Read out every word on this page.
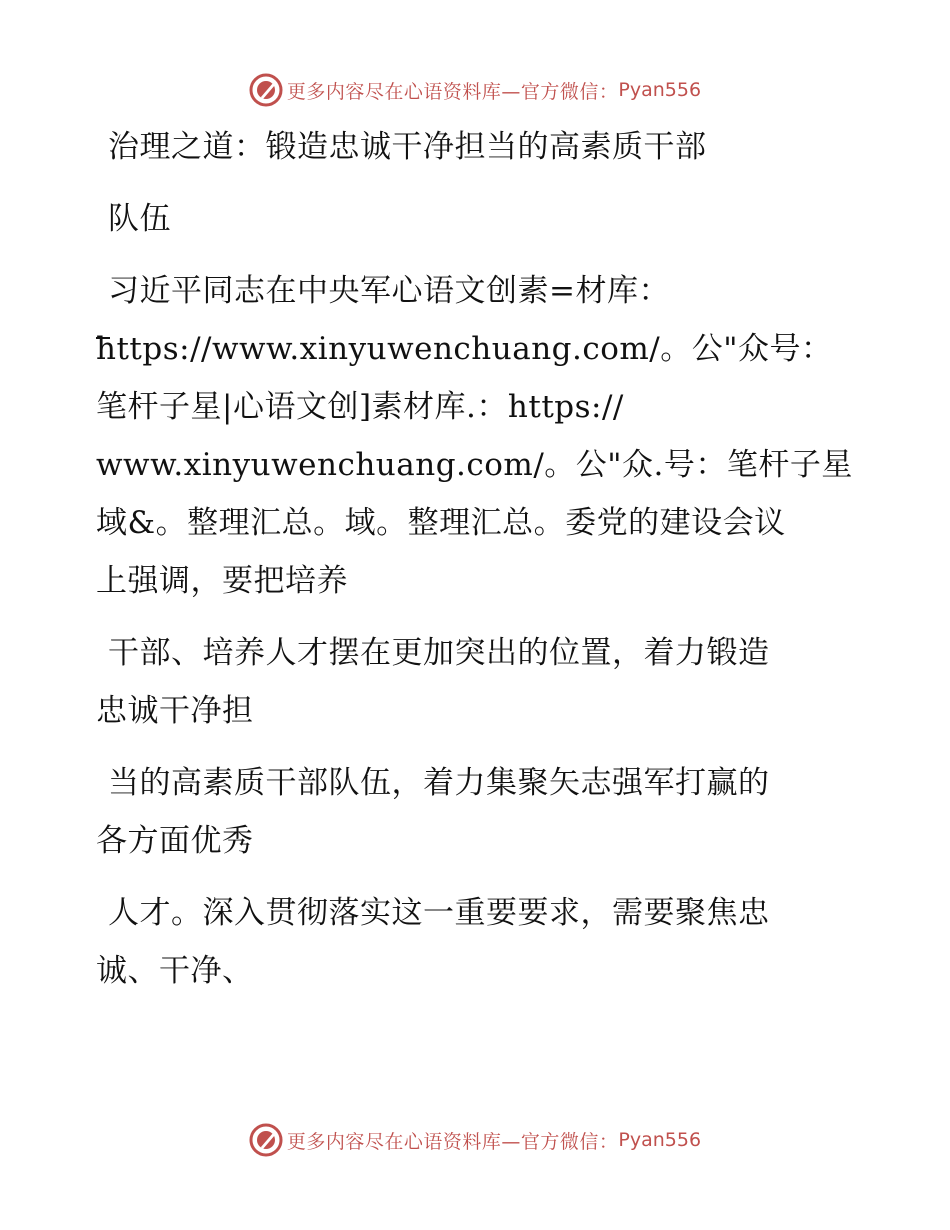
更多内容尽在心语资料库—官方微信： Pyan556
治理之道：锻造忠诚干净担当的高素质干部
队伍
习近平同志在中央军心语文创素=材库：
https://www.xinyuwenchuang.com/。公"众号：
笔杆子星|心语文创]素材库.：https://
www.xinyuwenchuang.com/。公"众.号：笔杆子星
域&。整理汇总。域。整理汇总。委党的建设会议
上强调，要把培养
干部、培养人才摆在更加突出的位置，着力锻造
忠诚干净担
当的高素质干部队伍，着力集聚矢志强军打赢的
各方面优秀
人才。深入贯彻落实这一重要要求，需要聚焦忠
诚、干净、
更多内容尽在心语资料库—官方微信： Pyan556
